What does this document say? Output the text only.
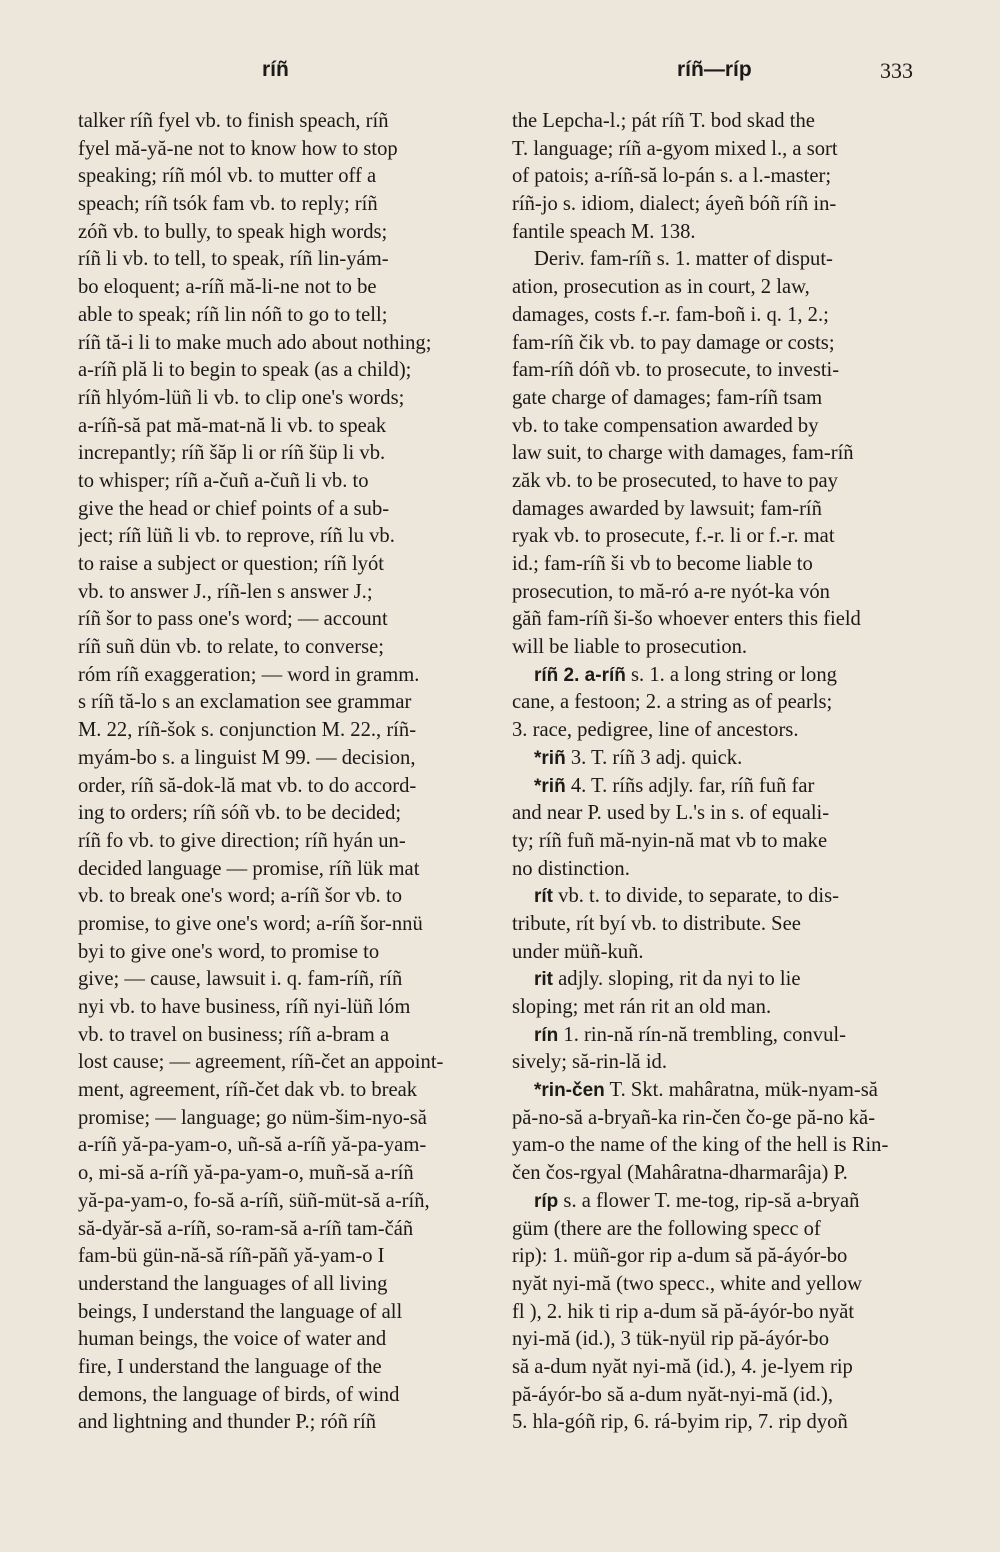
ríñ	ríñ—ríp	333
talker ríñ fyel vb. to finish speach, ríñ
fyel mă-yă-ne not to know how to stop
speaking; ríñ mól vb. to mutter off a
speach; ríñ tsók fam vb. to reply; ríñ
zóñ vb. to bully, to speak high words;
ríñ li vb. to tell, to speak, ríñ lin-yám-
bo eloquent; a-ríñ mă-li-ne not to be
able to speak; ríñ lin nóñ to go to tell;
ríñ tă-i li to make much ado about nothing;
a-ríñ plă li to begin to speak (as a child);
ríñ hlyóm-lüñ li vb. to clip one's words;
a-ríñ-să pat mă-mat-nă li vb. to speak
increpantly; ríñ šăp li or ríñ šüp li vb.
to whisper; ríñ a-čuñ a-čuñ li vb. to
give the head or chief points of a sub-
ject; ríñ lüñ li vb. to reprove, ríñ lu vb.
to raise a subject or question; ríñ lyót
vb. to answer J., ríñ-len s answer J.;
ríñ šor to pass one's word; — account
ríñ suñ dün vb. to relate, to converse;
róm ríñ exaggeration; — word in gramm.
s ríñ tă-lo s an exclamation see grammar
M. 22, ríñ-šok s. conjunction M. 22., ríñ-
myám-bo s. a linguist M 99. — decision,
order, ríñ să-dok-lă mat vb. to do accord-
ing to orders; ríñ sóñ vb. to be decided;
ríñ fo vb. to give direction; ríñ hyán un-
decided language — promise, ríñ lük mat
vb. to break one's word; a-ríñ šor vb. to
promise, to give one's word; a-ríñ šor-nnü
byi to give one's word, to promise to
give; — cause, lawsuit i. q. fam-ríñ, ríñ
nyi vb. to have business, ríñ nyi-lüñ lóm
vb. to travel on business; ríñ a-bram a
lost cause; — agreement, ríñ-čet an appoint-
ment, agreement, ríñ-čet dak vb. to break
promise; — language; go nüm-šim-nyo-să
a-ríñ yă-pa-yam-o, uñ-să a-ríñ yă-pa-yam-
o, mi-să a-ríñ yă-pa-yam-o, muñ-să a-ríñ
yă-pa-yam-o, fo-să a-ríñ, süñ-müt-să a-ríñ,
să-dyăr-să a-ríñ, so-ram-să a-ríñ tam-čáñ
fam-bü gün-nă-să ríñ-păñ yă-yam-o I
understand the languages of all living
beings, I understand the language of all
human beings, the voice of water and
fire, I understand the language of the
demons, the language of birds, of wind
and lightning and thunder P.; róñ ríñ
the Lepcha-l.; pát ríñ T. bod skad the
T. language; ríñ a-gyom mixed l., a sort
of patois; a-ríñ-să lo-pán s. a l.-master;
ríñ-jo s. idiom, dialect; áyeñ bóñ ríñ in-
fantile speach M. 138.
Deriv. fam-ríñ s. 1. matter of disput-
ation, prosecution as in court, 2 law,
damages, costs f.-r. fam-boñ i. q. 1, 2.;
fam-ríñ čik vb. to pay damage or costs;
fam-ríñ dóñ vb. to prosecute, to investi-
gate charge of damages; fam-ríñ tsam
vb. to take compensation awarded by
law suit, to charge with damages, fam-ríñ
zăk vb. to be prosecuted, to have to pay
damages awarded by lawsuit; fam-ríñ
ryak vb. to prosecute, f.-r. li or f.-r. mat
id.; fam-ríñ ši vb to become liable to
prosecution, to mă-ró a-re nyót-ka vón
găñ fam-ríñ ši-šo whoever enters this field
will be liable to prosecution.
ríñ 2. a-ríñ s. 1. a long string or long
cane, a festoon; 2. a string as of pearls;
3. race, pedigree, line of ancestors.
*riñ 3. T. ríñ 3 adj. quick.
*riñ 4. T. ríñs adjly. far, ríñ fuñ far
and near P. used by L.'s in s. of equali-
ty; ríñ fuñ mă-nyin-nă mat vb to make
no distinction.
rít vb. t. to divide, to separate, to dis-
tribute, rít byí vb. to distribute. See
under müñ-kuñ.
rit adjly. sloping, rit da nyi to lie
sloping; met rán rit an old man.
rín 1. rin-nă rín-nă trembling, convul-
sively; să-rin-lă id.
*rin-čen T. Skt. mahâratna, mük-nyam-să
pă-no-să a-bryañ-ka rin-čen čo-ge pă-no kă-
yam-o the name of the king of the hell is Rin-
čen čos-rgyal (Mahâratna-dharmarâja) P.
ríp s. a flower T. me-tog, rip-să a-bryañ
güm (there are the following specc of
rip): 1. müñ-gor rip a-dum să pă-áyór-bo
nyăt nyi-mă (two specc., white and yellow
fl ), 2. hik ti rip a-dum să pă-áyór-bo nyăt
nyi-mă (id.), 3 tük-nyül rip pă-áyór-bo
să a-dum nyăt nyi-mă (id.), 4. je-lyem rip
pă-áyór-bo să a-dum nyăt-nyi-mă (id.),
5. hla-góñ rip, 6. rá-byim rip, 7. rip dyoñ
